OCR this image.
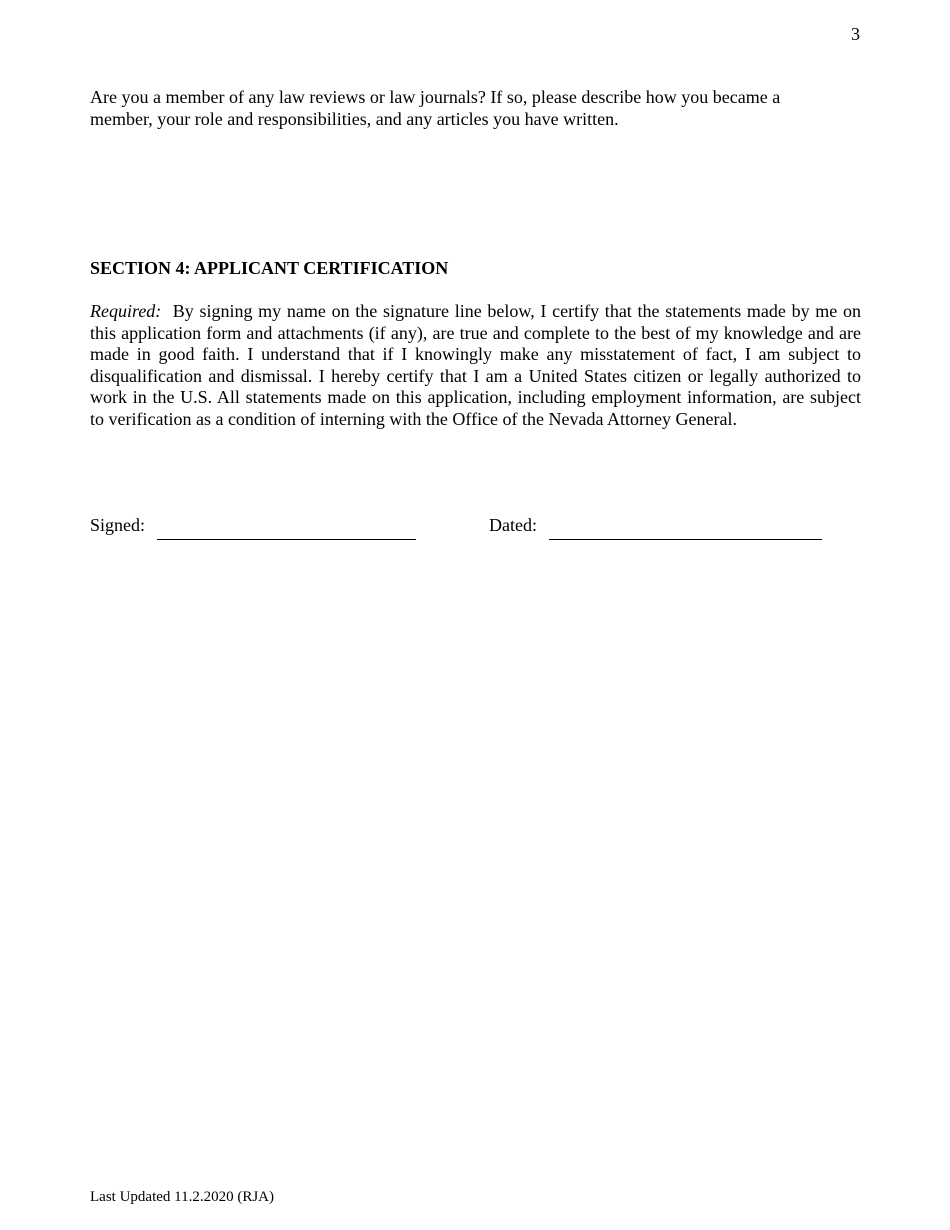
3

Are you a member of any law reviews or law journals? If so, please describe how you became a member, your role and responsibilities, and any articles you have written.

SECTION 4: APPLICANT CERTIFICATION

Required: By signing my name on the signature line below, I certify that the statements made by me on this application form and attachments (if any), are true and complete to the best of my knowledge and are made in good faith. I understand that if I knowingly make any misstatement of fact, I am subject to disqualification and dismissal. I hereby certify that I am a United States citizen or legally authorized to work in the U.S. All statements made on this application, including employment information, are subject to verification as a condition of interning with the Office of the Nevada Attorney General.

Signed:	Dated:
Last Updated 11.2.2020 (RJA)
